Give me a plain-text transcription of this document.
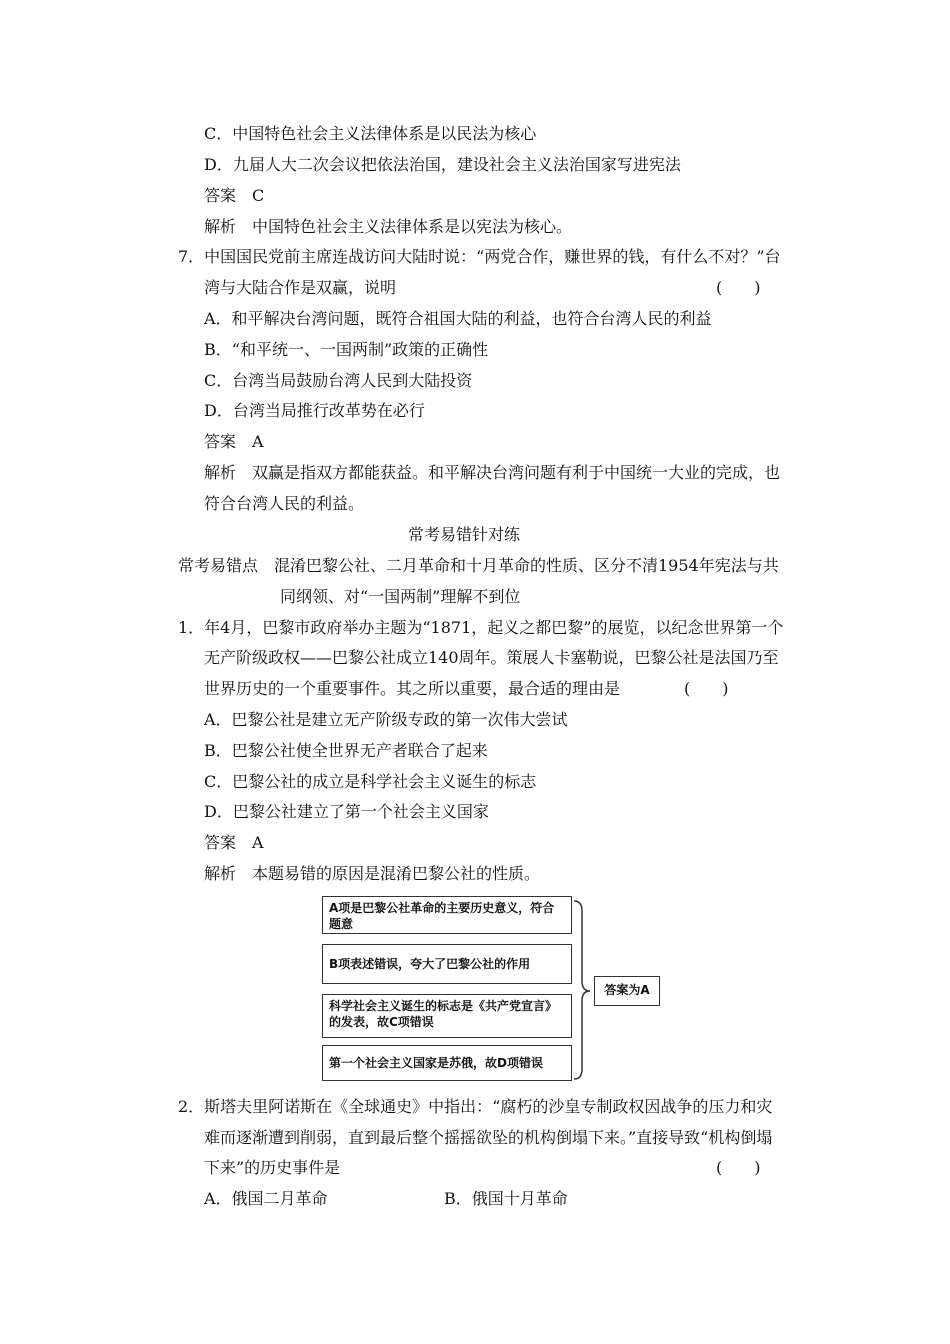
C．中国特色社会主义法律体系是以民法为核心
D．九届人大二次会议把依法治国，建设社会主义法治国家写进宪法
答案　C
解析　中国特色社会主义法律体系是以宪法为核心。
7．中国国民党前主席连战访问大陆时说：“两党合作，赚世界的钱，有什么不对？”台
湾与大陆合作是双赢，说明	(　　)
A．和平解决台湾问题，既符合祖国大陆的利益，也符合台湾人民的利益
B．“和平统一、一国两制”政策的正确性
C．台湾当局鼓励台湾人民到大陆投资
D．台湾当局推行改革势在必行
答案　A
解析　双赢是指双方都能获益。和平解决台湾问题有利于中国统一大业的完成，也
符合台湾人民的利益。
常考易错针对练
常考易错点　混淆巴黎公社、二月革命和十月革命的性质、区分不清1954年宪法与共
同纲领、对“一国两制”理解不到位
1．年4月，巴黎市政府举办主题为“1871，起义之都巴黎”的展览，以纪念世界第一个
无产阶级政权——巴黎公社成立140周年。策展人卡塞勒说，巴黎公社是法国乃至
世界历史的一个重要事件。其之所以重要，最合适的理由是	(　　)
A．巴黎公社是建立无产阶级专政的第一次伟大尝试
B．巴黎公社使全世界无产者联合了起来
C．巴黎公社的成立是科学社会主义诞生的标志
D．巴黎公社建立了第一个社会主义国家
答案　A
解析　本题易错的原因是混淆巴黎公社的性质。
A项是巴黎公社革命的主要历史意义，符合题意
B项表述错误，夸大了巴黎公社的作用
科学社会主义诞生的标志是《共产党宣言》的发表，故C项错误
第一个社会主义国家是苏俄，故D项错误
答案为A
2．斯塔夫里阿诺斯在《全球通史》中指出：“腐朽的沙皇专制政权因战争的压力和灾
难而逐渐遭到削弱，直到最后整个摇摇欲坠的机构倒塌下来。”直接导致“机构倒塌
下来”的历史事件是	(　　)
A．俄国二月革命	B．俄国十月革命
